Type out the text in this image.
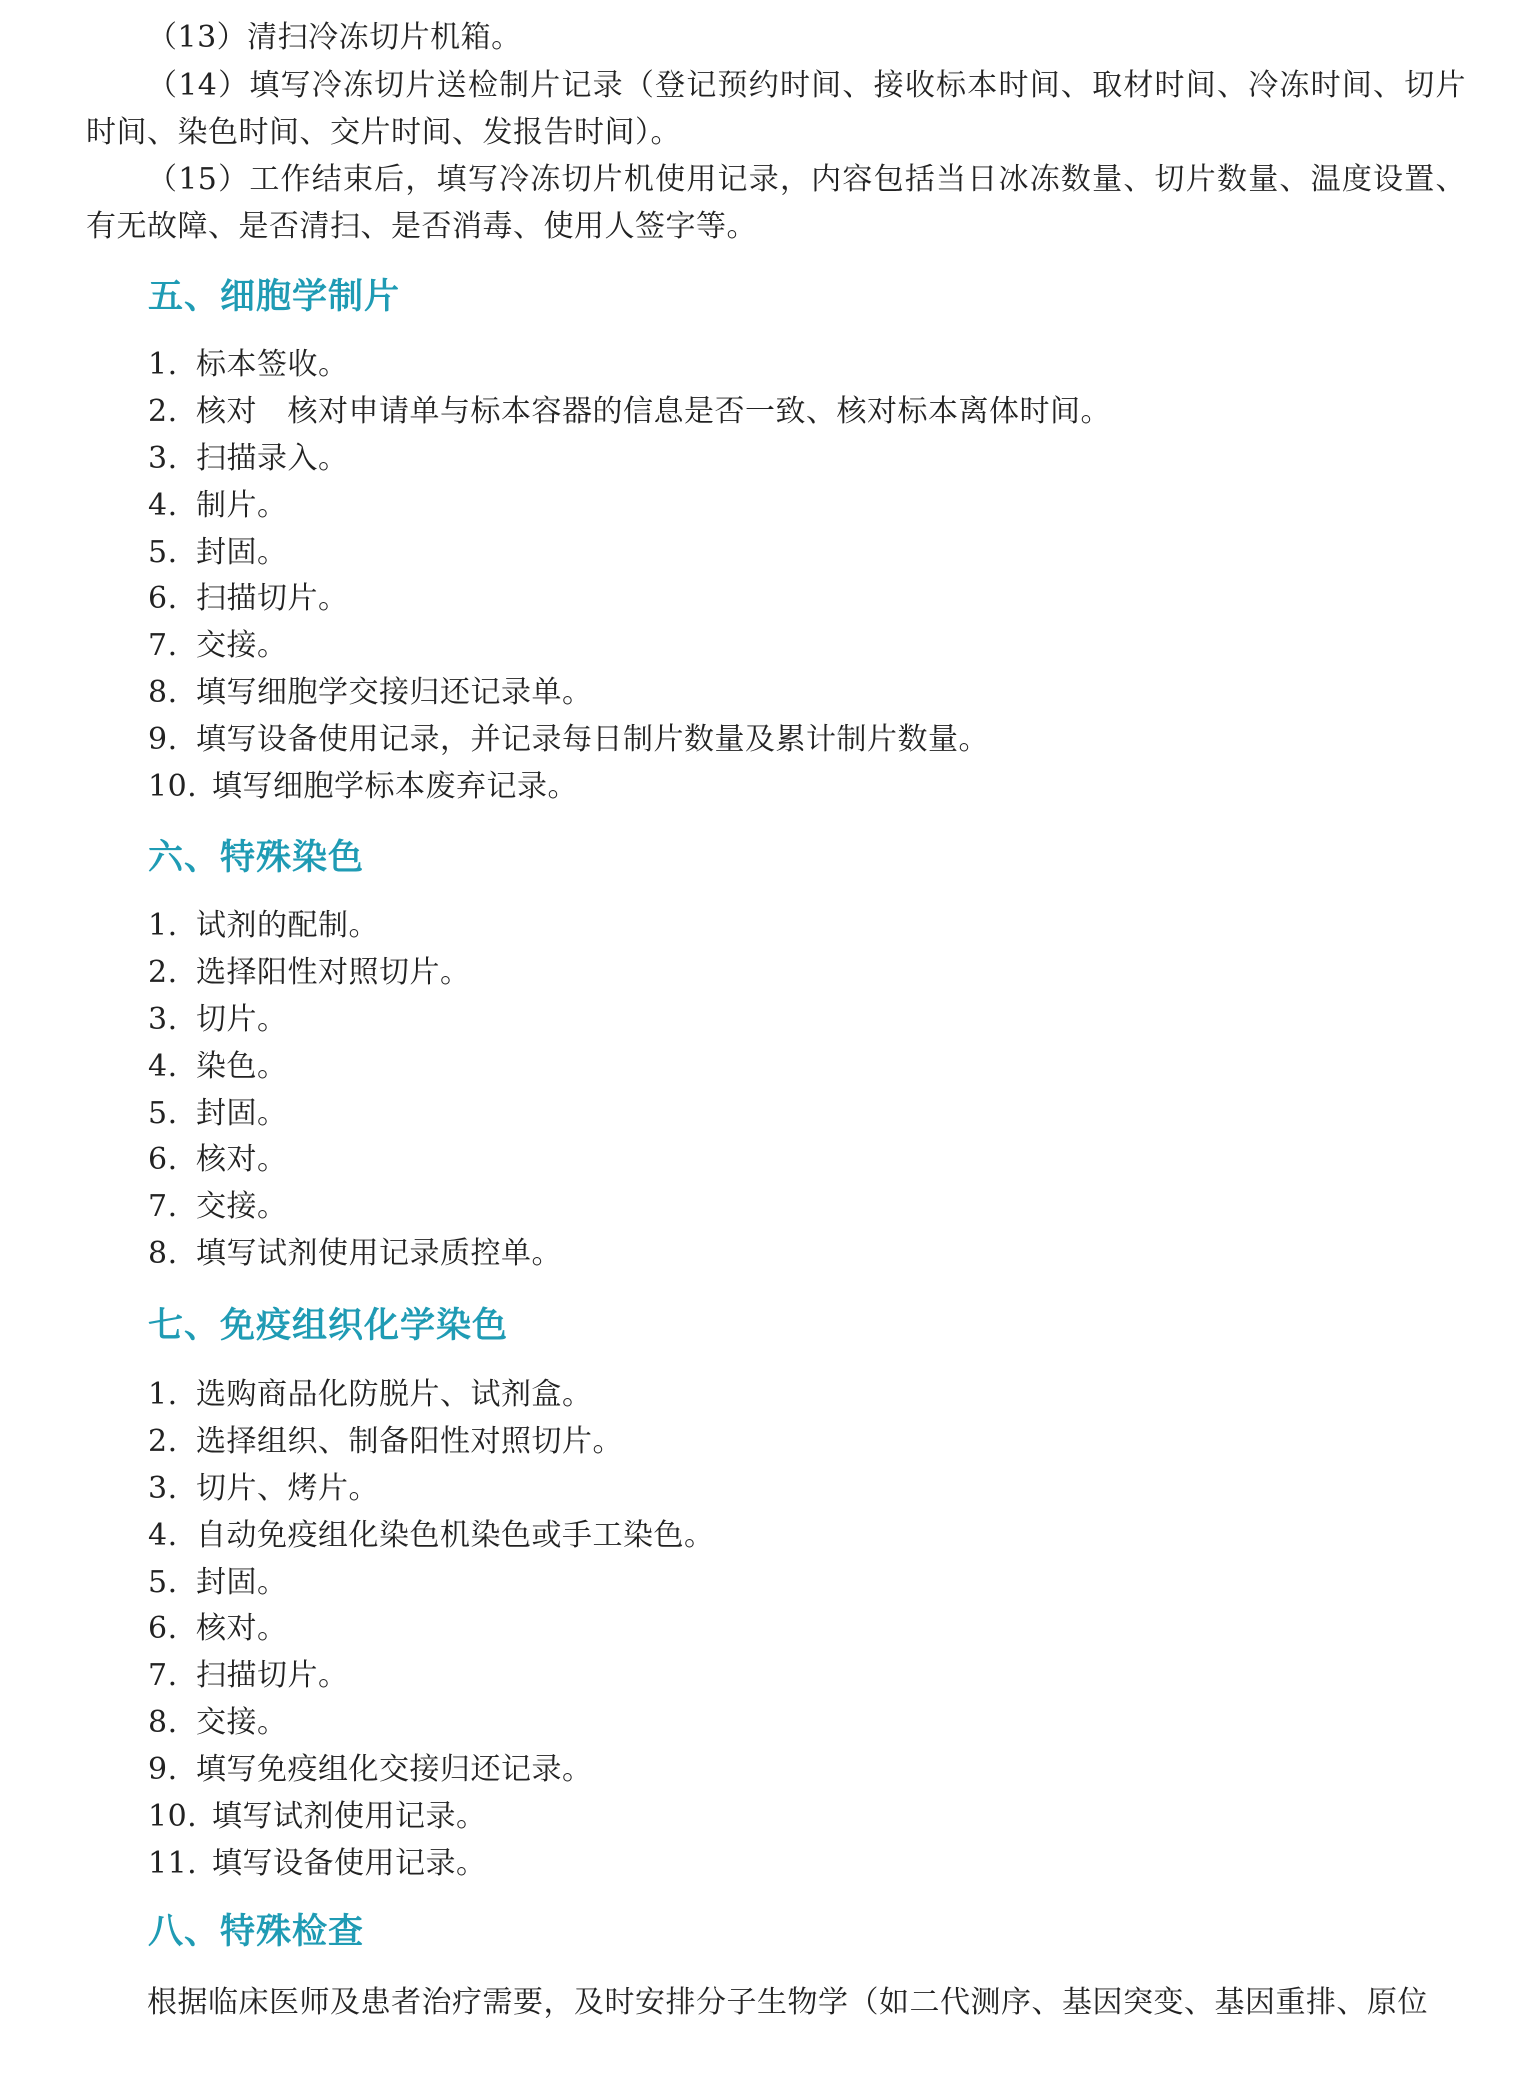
（13）清扫冷冻切片机箱。

（14）填写冷冻切片送检制片记录（登记预约时间、接收标本时间、取材时间、冷冻时间、切片时间、染色时间、交片时间、发报告时间）。

（15）工作结束后，填写冷冻切片机使用记录，内容包括当日冰冻数量、切片数量、温度设置、有无故障、是否清扫、是否消毒、使用人签字等。

五、细胞学制片
1. 标本签收。
2. 核对　核对申请单与标本容器的信息是否一致、核对标本离体时间。
3. 扫描录入。
4. 制片。
5. 封固。
6. 扫描切片。
7. 交接。
8. 填写细胞学交接归还记录单。
9. 填写设备使用记录，并记录每日制片数量及累计制片数量。
10. 填写细胞学标本废弃记录。
六、特殊染色
1. 试剂的配制。
2. 选择阳性对照切片。
3. 切片。
4. 染色。
5. 封固。
6. 核对。
7. 交接。
8. 填写试剂使用记录质控单。
七、免疫组织化学染色
1. 选购商品化防脱片、试剂盒。
2. 选择组织、制备阳性对照切片。
3. 切片、烤片。
4. 自动免疫组化染色机染色或手工染色。
5. 封固。
6. 核对。
7. 扫描切片。
8. 交接。
9. 填写免疫组化交接归还记录。
10. 填写试剂使用记录。
11. 填写设备使用记录。
八、特殊检查

根据临床医师及患者治疗需要，及时安排分子生物学（如二代测序、基因突变、基因重排、原位
